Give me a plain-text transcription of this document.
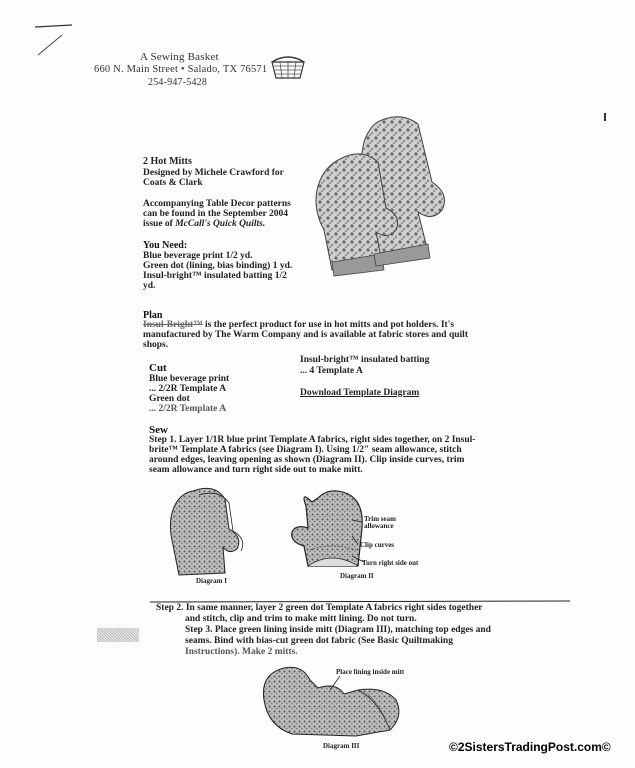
A Sewing Basket
660 N. Main Street • Salado, TX 76571
254-947-5428
2 Hot Mitts
Designed by Michele Crawford for
Coats & Clark
Accompanying Table Decor patterns
can be found in the September 2004
issue of McCall's Quick Quilts.
You Need:
Blue beverage print 1/2 yd.
Green dot (lining, bias binding) 1 yd.
Insul-bright™ insulated batting 1/2
yd.
Plan
Insul-Bright™ is the perfect product for use in hot mitts and pot holders. It's
manufactured by The Warm Company and is available at fabric stores and quilt
shops.
Cut
Blue beverage print
... 2/2R Template A
Green dot
... 2/2R Template A
Insul-bright™ insulated batting
... 4 Template A
Download Template Diagram
Sew
Step 1. Layer 1/1R blue print Template A fabrics, right sides together, on 2 Insul-
brite™ Template A fabrics (see Diagram I). Using 1/2" seam allowance, stitch
around edges, leaving opening as shown (Diagram II). Clip inside curves, trim
seam allowance and turn right side out to make mitt.
Diagram I
Trim seam
allowance
Clip curves
Turn right side out
Diagram II
Step 2. In same manner, layer 2 green dot Template A fabrics right sides together
and stitch, clip and trim to make mitt lining. Do not turn.
Step 3. Place green lining inside mitt (Diagram III), matching top edges and
seams. Bind with bias-cut green dot fabric (See Basic Quiltmaking
Instructions). Make 2 mitts.
Place lining inside mitt
Diagram III	©2SistersTradingPost.com©
